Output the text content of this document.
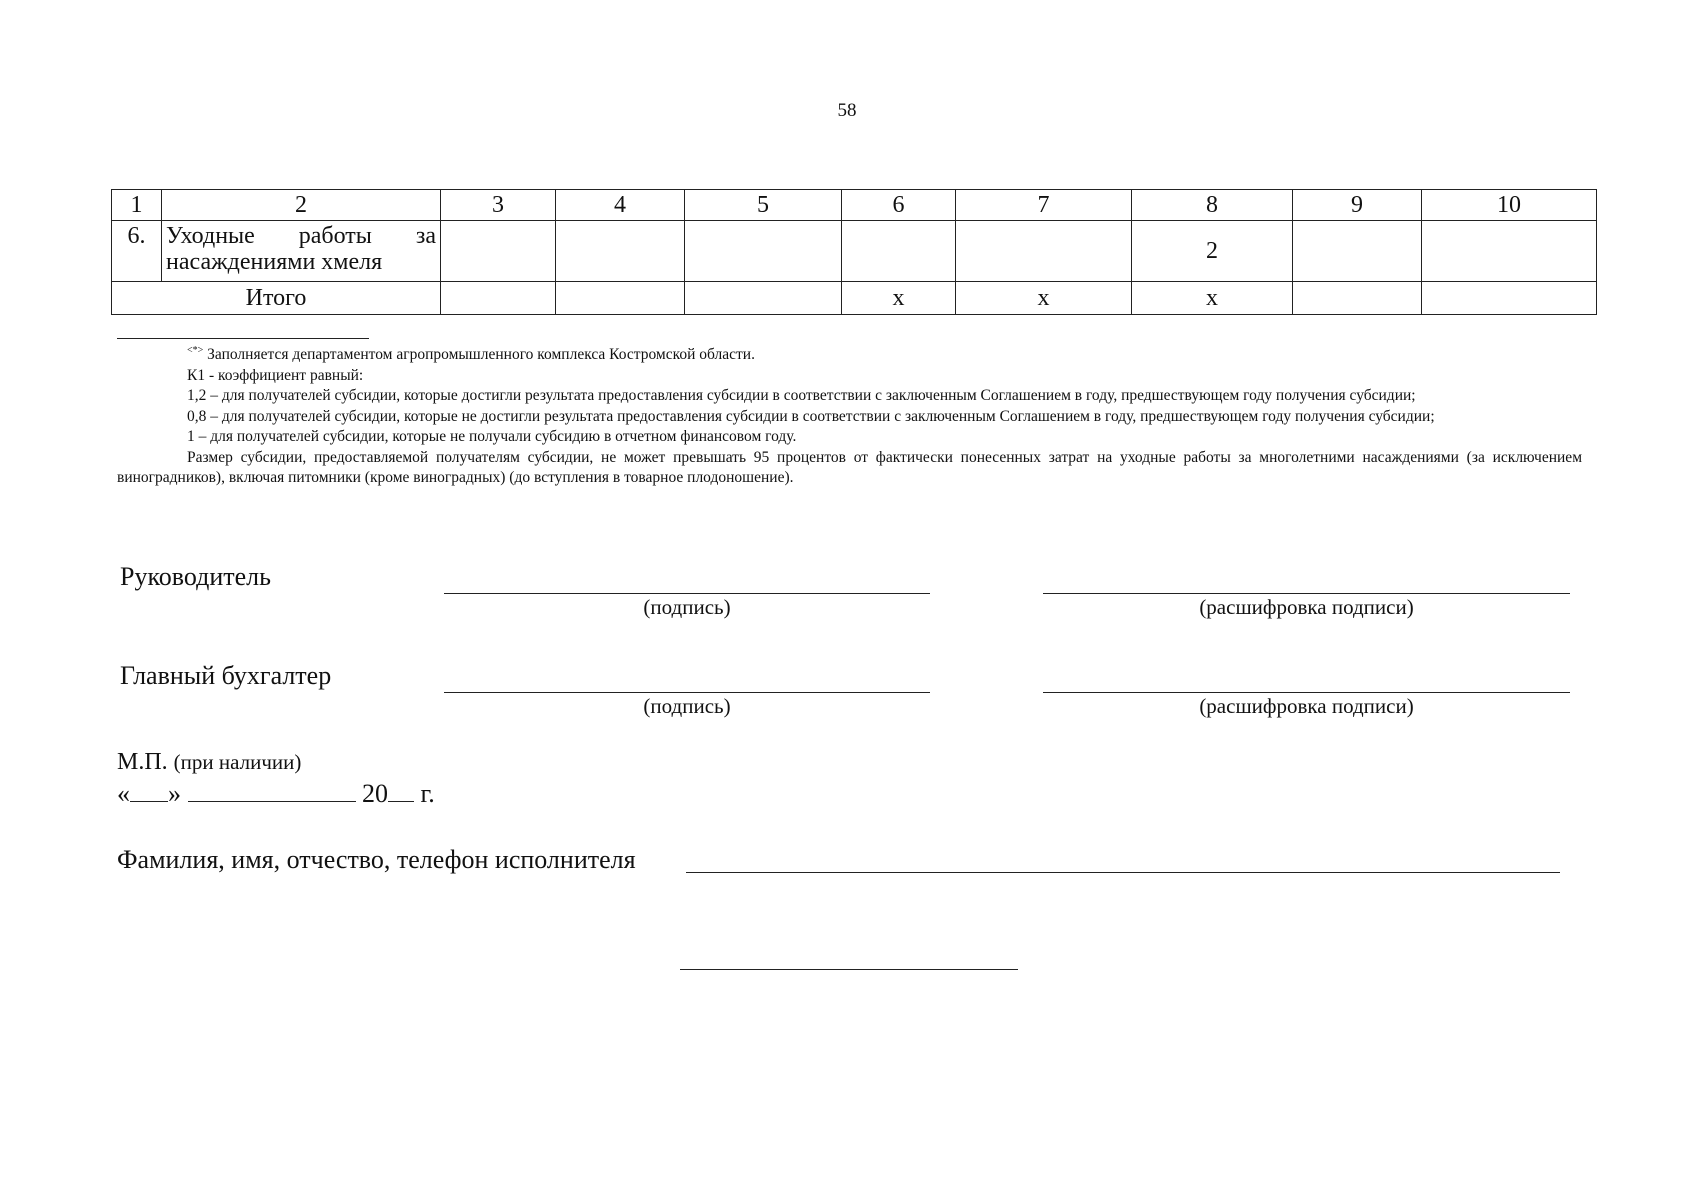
58
1	2	3	4	5	6	7	8	9	10
6.	Уходные работы за насаждениями хмеля						2		
Итого					х	х	х		

<*> Заполняется департаментом агропромышленного комплекса Костромской области.

К1 - коэффициент равный:

1,2 – для получателей субсидии, которые достигли результата предоставления субсидии в соответствии с заключенным Соглашением в году, предшествующем году получения субсидии;

0,8 – для получателей субсидии, которые не достигли результата предоставления субсидии в соответствии с заключенным Соглашением в году, предшествующем году получения субсидии;

1 – для получателей субсидии, которые не получали субсидию в отчетном финансовом году.

Размер субсидии, предоставляемой получателям субсидии, не может превышать 95 процентов от фактически понесенных затрат на уходные работы за многолетними насаждениями (за исключением виноградников), включая питомники (кроме виноградных) (до вступления в товарное плодоношение).

Руководитель
(подпись)	(расшифровка подписи)
Главный бухгалтер
(подпись)	(расшифровка подписи)
М.П. (при наличии)
« »	20 г.
Фамилия, имя, отчество, телефон исполнителя
